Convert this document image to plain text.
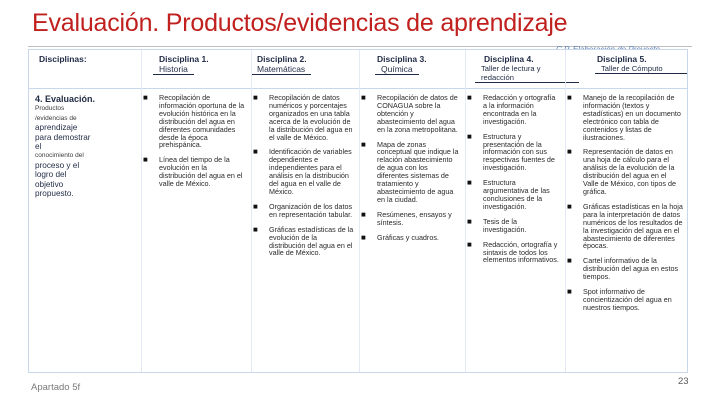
Evaluación. Productos/evidencias de aprendizaje
Disciplinas:	Disciplina 1.
Historia
Disciplina 2.
Matemáticas
Disciplina 3.
Química
Disciplina 4.
Taller de lectura y redacción
Disciplina 5.
Taller de Cómputo
4. Evaluación.
Productos
/evidencias de
aprendizaje
para demostrar
el
conocimiento del
proceso y el
logro del
objetivo
propuesto.
■ Recopilación de información oportuna de la evolución histórica en la distribución del agua en diferentes comunidades desde la época prehispánica.
■ Línea del tiempo de la evolución en la distribución del agua en el valle de México.
■ Recopilación de datos numéricos y porcentajes organizados en una tabla acerca de la evolución de la distribución del agua en el valle de México.
■ Identificación de variables dependientes e independientes para el análisis en la distribución del agua en el valle de México.
■ Organización de los datos en representación tabular.
■ Gráficas estadísticas de la evolución de la distribución del agua en el valle de México.
■ Recopilación de datos de CONAGUA sobre la obtención y abastecimiento del agua en la zona metropolitana.
■ Mapa de zonas conceptual que indique la relación abastecimiento de agua con los diferentes sistemas de tratamiento y abastecimiento de agua en la ciudad.
■ Resúmenes, ensayos y síntesis.
■ Gráficas y cuadros.
■ Redacción y ortografía a la información encontrada en la investigación.
■ Estructura y presentación de la información con sus respectivas fuentes de investigación.
■ Estructura argumentativa de las conclusiones de la investigación.
■ Tesis de la investigación.
■ Redacción, ortografía y sintaxis de todos los elementos informativos.
■ Manejo de la recopilación de información (textos y estadísticas) en un documento electrónico con tabla de contenidos y listas de ilustraciones.
■ Representación de datos en una hoja de cálculo para el análisis de la evolución de la distribución del agua en el Valle de México, con tipos de gráfica.
■ Gráficas estadísticas en la hoja para la interpretación de datos numéricos de los resultados de la investigación del agua en el abastecimiento de diferentes épocas.
■ Cartel informativo de la distribución del agua en estos tiempos.
■ Spot informativo de concientización del agua en nuestros tiempos.
Apartado 5f
23
